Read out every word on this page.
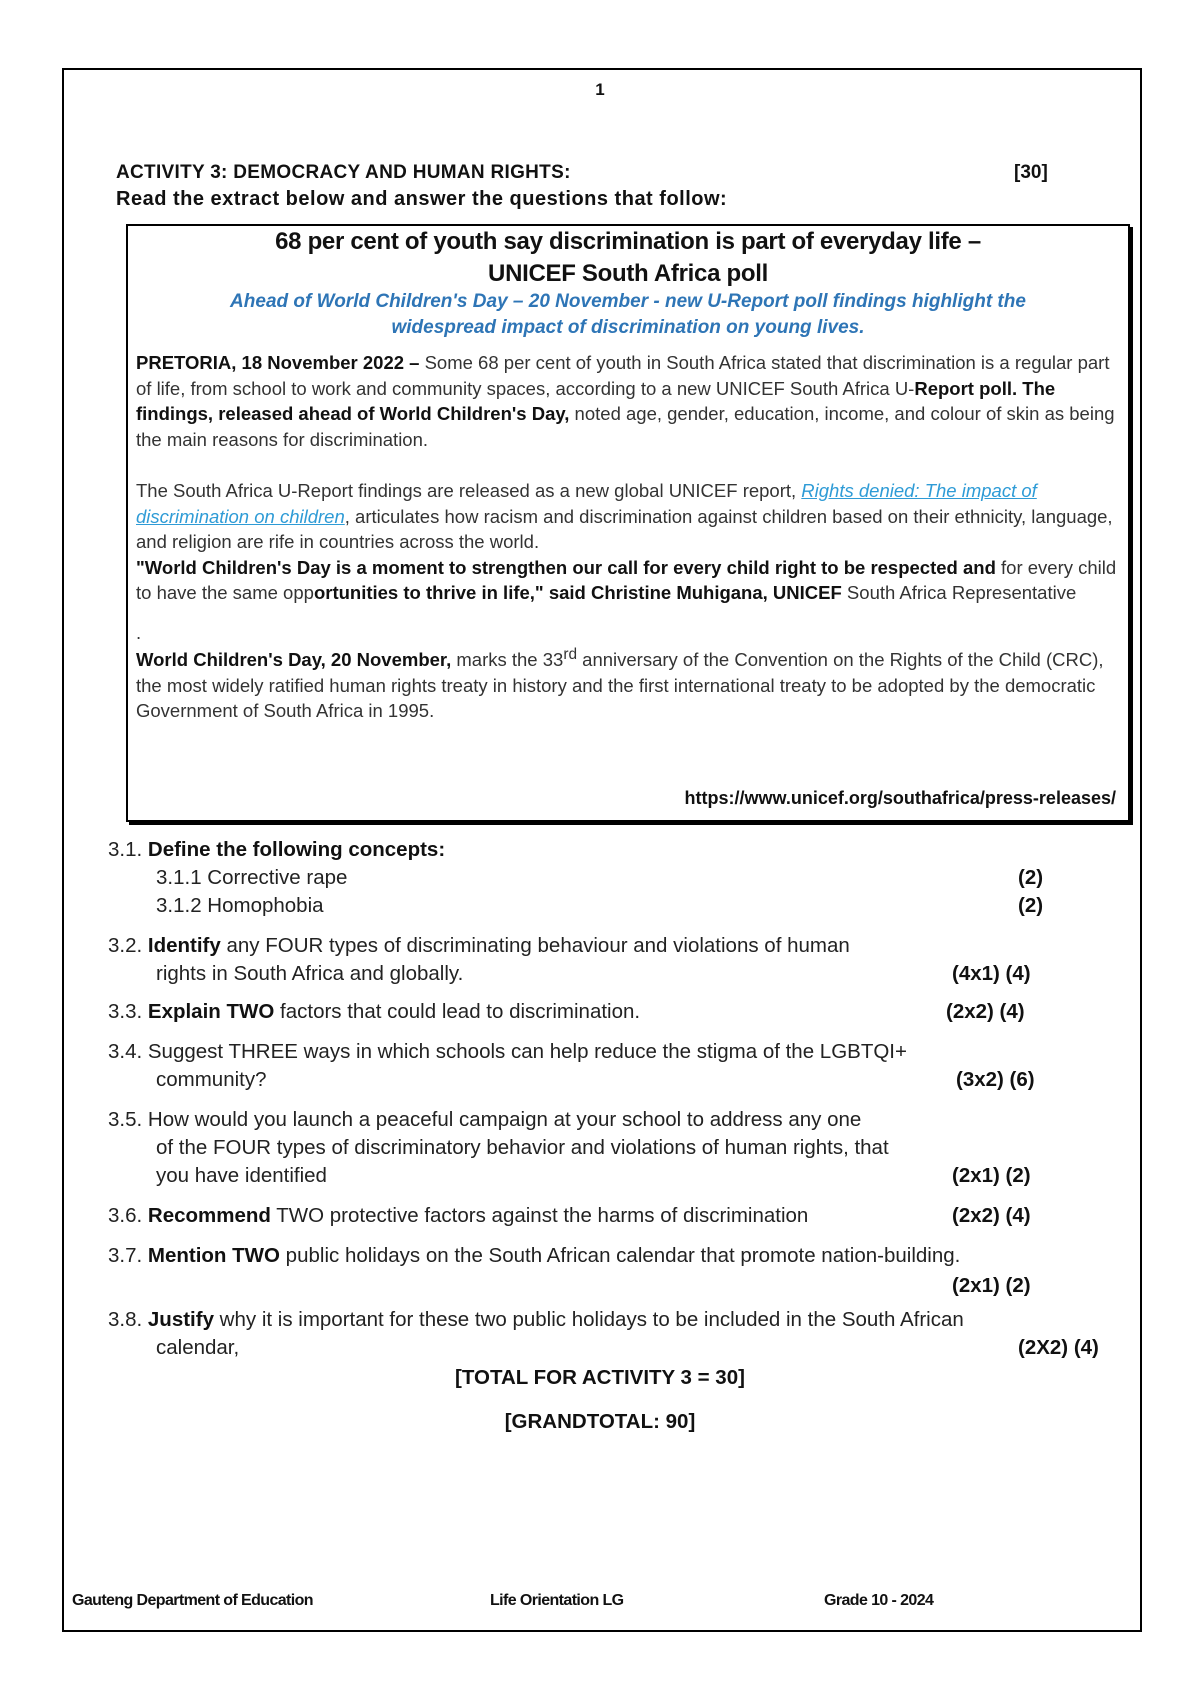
1
ACTIVITY 3: DEMOCRACY AND HUMAN RIGHTS:	[30]
Read the extract below and answer the questions that follow:
68 per cent of youth say discrimination is part of everyday life –
UNICEF South Africa poll
Ahead of World Children's Day – 20 November - new U-Report poll findings highlight the
widespread impact of discrimination on young lives.
PRETORIA, 18 November 2022 – Some 68 per cent of youth in South Africa stated that discrimination is a regular part of life, from school to work and community spaces, according to a new UNICEF South Africa U-Report poll. The findings, released ahead of World Children's Day, noted age, gender, education, income, and colour of skin as being the main reasons for discrimination.
The South Africa U-Report findings are released as a new global UNICEF report, Rights denied: The impact of discrimination on children, articulates how racism and discrimination against children based on their ethnicity, language, and religion are rife in countries across the world.
"World Children's Day is a moment to strengthen our call for every child right to be respected and for every child to have the same opportunities to thrive in life," said Christine Muhigana, UNICEF South Africa Representative
.
World Children's Day, 20 November, marks the 33rd anniversary of the Convention on the Rights of the Child (CRC), the most widely ratified human rights treaty in history and the first international treaty to be adopted by the democratic Government of South Africa in 1995.
https://www.unicef.org/southafrica/press-releases/
3.1. Define the following concepts:
3.1.1 Corrective rape	(2)
3.1.2 Homophobia	(2)
3.2. Identify any FOUR types of discriminating behaviour and violations of human
rights in South Africa and globally.	(4x1) (4)
3.3. Explain TWO factors that could lead to discrimination.	(2x2) (4)
3.4. Suggest THREE ways in which schools can help reduce the stigma of the LGBTQI+
community?	(3x2) (6)
3.5. How would you launch a peaceful campaign at your school to address any one
of the FOUR types of discriminatory behavior and violations of human rights, that
you have identified	(2x1) (2)
3.6. Recommend TWO protective factors against the harms of discrimination	(2x2) (4)
3.7. Mention TWO public holidays on the South African calendar that promote nation-building.
(2x1) (2)
3.8. Justify why it is important for these two public holidays to be included in the South African
calendar,	(2X2) (4)
[TOTAL FOR ACTIVITY 3 = 30]
[GRANDTOTAL: 90]
Gauteng Department of Education	Life Orientation LG	Grade 10 - 2024
